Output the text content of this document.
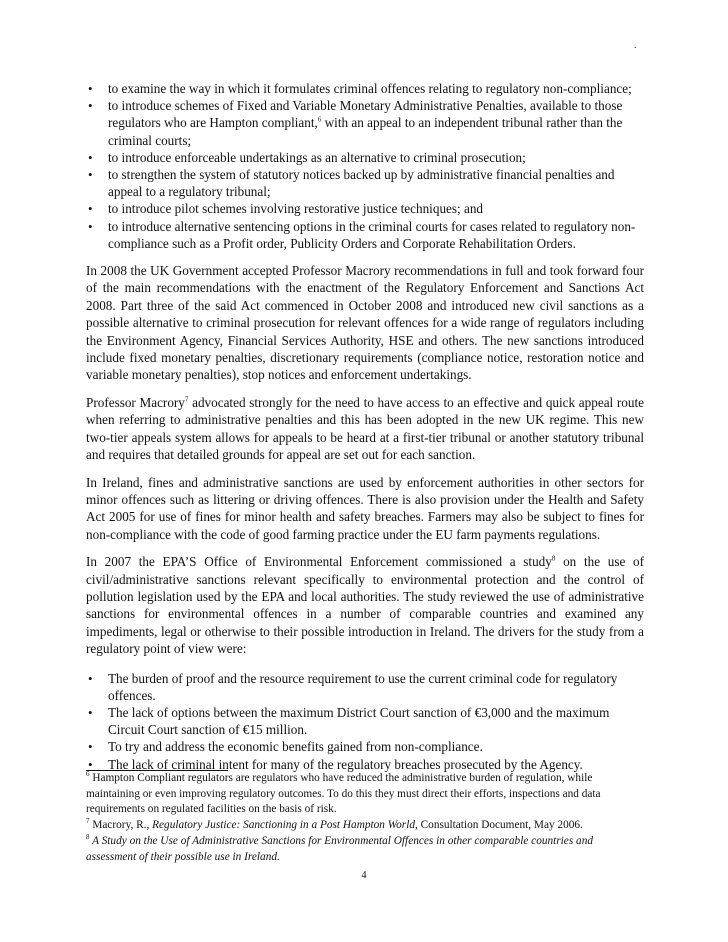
.
• to examine the way in which it formulates criminal offences relating to regulatory non-compliance;
• to introduce schemes of Fixed and Variable Monetary Administrative Penalties, available to those regulators who are Hampton compliant,$^6$ with an appeal to an independent tribunal rather than the criminal courts;
• to introduce enforceable undertakings as an alternative to criminal prosecution;
• to strengthen the system of statutory notices backed up by administrative financial penalties and appeal to a regulatory tribunal;
• to introduce pilot schemes involving restorative justice techniques; and
• to introduce alternative sentencing options in the criminal courts for cases related to regulatory non-compliance such as a Profit order, Publicity Orders and Corporate Rehabilitation Orders.

In 2008 the UK Government accepted Professor Macrory recommendations in full and took forward four of the main recommendations with the enactment of the Regulatory Enforcement and Sanctions Act 2008. Part three of the said Act commenced in October 2008 and introduced new civil sanctions as a possible alternative to criminal prosecution for relevant offences for a wide range of regulators including the Environment Agency, Financial Services Authority, HSE and others. The new sanctions introduced include fixed monetary penalties, discretionary requirements (compliance notice, restoration notice and variable monetary penalties), stop notices and enforcement undertakings.

Professor Macrory$^7$ advocated strongly for the need to have access to an effective and quick appeal route when referring to administrative penalties and this has been adopted in the new UK regime. This new two-tier appeals system allows for appeals to be heard at a first-tier tribunal or another statutory tribunal and requires that detailed grounds for appeal are set out for each sanction.

In Ireland, fines and administrative sanctions are used by enforcement authorities in other sectors for minor offences such as littering or driving offences. There is also provision under the Health and Safety Act 2005 for use of fines for minor health and safety breaches. Farmers may also be subject to fines for non-compliance with the code of good farming practice under the EU farm payments regulations.

In 2007 the EPA’S Office of Environmental Enforcement commissioned a study$^8$ on the use of civil/administrative sanctions relevant specifically to environmental protection and the control of pollution legislation used by the EPA and local authorities. The study reviewed the use of administrative sanctions for environmental offences in a number of comparable countries and examined any impediments, legal or otherwise to their possible introduction in Ireland. The drivers for the study from a regulatory point of view were:

• The burden of proof and the resource requirement to use the current criminal code for regulatory offences.
• The lack of options between the maximum District Court sanction of €3,000 and the maximum Circuit Court sanction of €15 million.
• To try and address the economic benefits gained from non-compliance.
• The lack of criminal intent for many of the regulatory breaches prosecuted by the Agency.

$^6$ Hampton Compliant regulators are regulators who have reduced the administrative burden of regulation, while maintaining or even improving regulatory outcomes. To do this they must direct their efforts, inspections and data requirements on regulated facilities on the basis of risk.

$^7$ Macrory, R., Regulatory Justice: Sanctioning in a Post Hampton World, Consultation Document, May 2006.

$^8$ A Study on the Use of Administrative Sanctions for Environmental Offences in other comparable countries and assessment of their possible use in Ireland.

4
